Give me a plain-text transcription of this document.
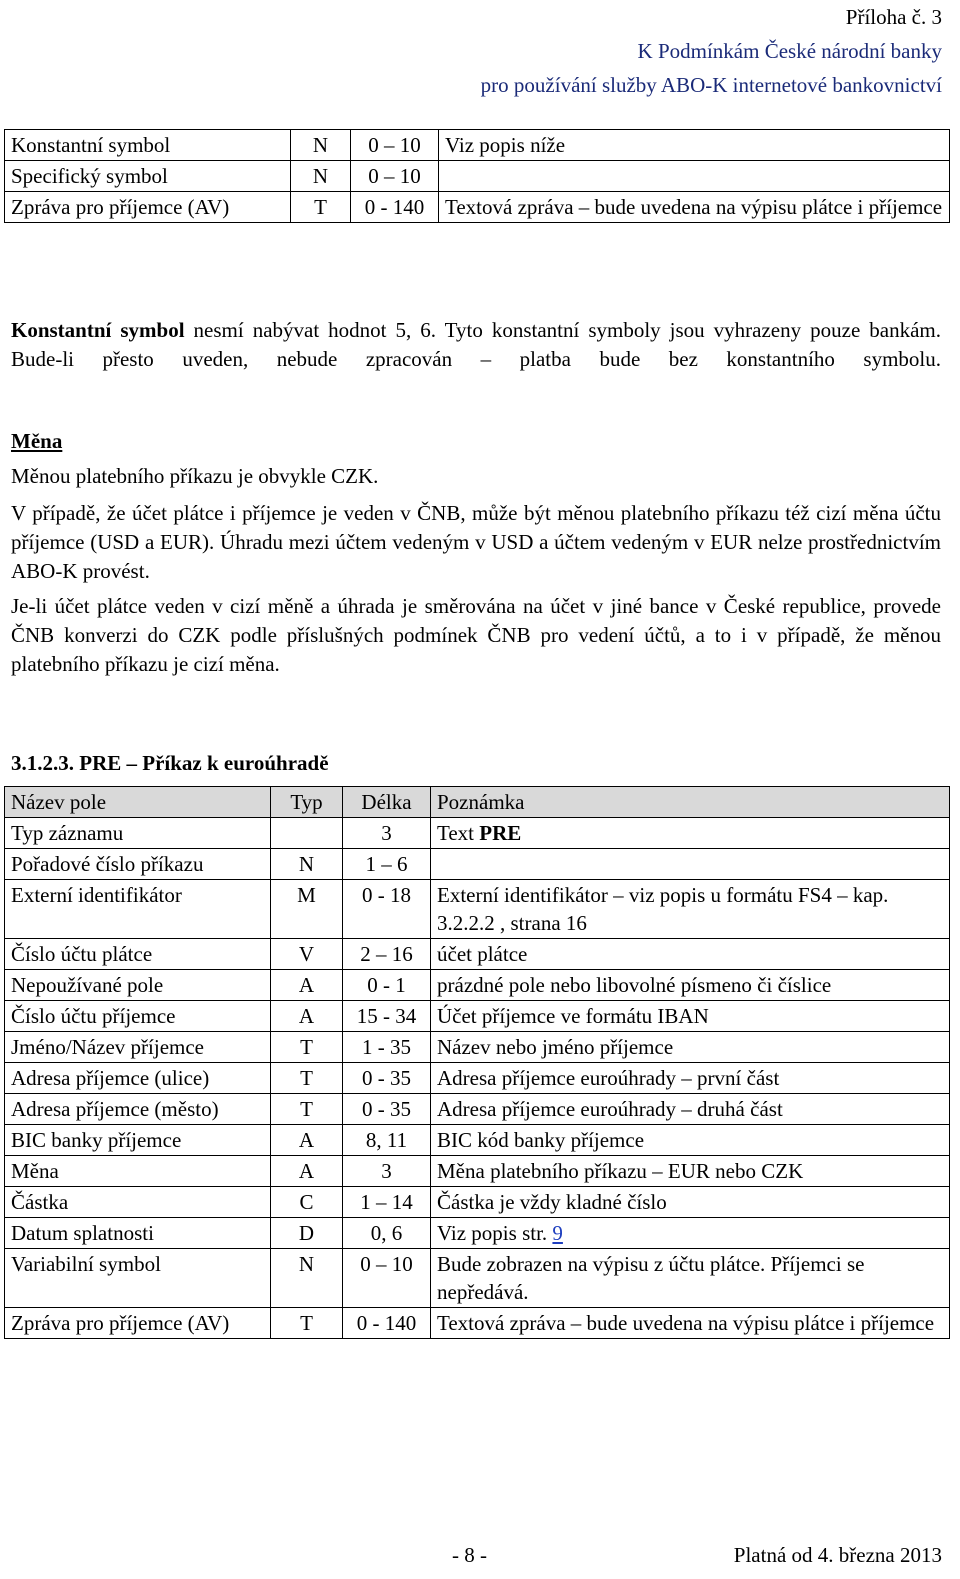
Příloha č. 3
K Podmínkám České národní banky
pro používání služby ABO-K internetové bankovnictví
Konstantní symbol	N	0 – 10	Viz popis níže
Specifický symbol	N	0 – 10	
Zpráva pro příjemce (AV)	T	0 - 140	Textová zpráva – bude uvedena na výpisu plátce i příjemce

Konstantní symbol nesmí nabývat hodnot 5, 6. Tyto konstantní symboly jsou vyhrazeny pouze bankám. Bude-li přesto uveden, nebude zpracován – platba bude bez konstantního symbolu.

Měna

Měnou platebního příkazu je obvykle CZK.

V případě, že účet plátce i příjemce je veden v ČNB, může být měnou platebního příkazu též cizí měna účtu příjemce (USD a EUR). Úhradu mezi účtem vedeným v USD a účtem vedeným v EUR nelze prostřednictvím ABO-K provést.

Je-li účet plátce veden v cizí měně a úhrada je směrována na účet v jiné bance v České republice, provede ČNB konverzi do CZK podle příslušných podmínek ČNB pro vedení účtů, a to i v případě, že měnou platebního příkazu je cizí měna.

3.1.2.3. PRE – Příkaz k euroúhradě
Název pole	Typ	Délka	Poznámka
Typ záznamu		3	Text PRE
Pořadové číslo příkazu	N	1 – 6	
Externí identifikátor	M	0 - 18	Externí identifikátor – viz popis u formátu FS4 – kap. 3.2.2.2 , strana 16
Číslo účtu plátce	V	2 – 16	účet plátce
Nepoužívané pole	A	0 - 1	prázdné pole nebo libovolné písmeno či číslice
Číslo účtu příjemce	A	15 - 34	Účet příjemce ve formátu IBAN
Jméno/Název příjemce	T	1 - 35	Název nebo jméno příjemce
Adresa příjemce (ulice)	T	0 - 35	Adresa příjemce euroúhrady – první část
Adresa příjemce (město)	T	0 - 35	Adresa příjemce euroúhrady – druhá část
BIC banky příjemce	A	8, 11	BIC kód banky příjemce
Měna	A	3	Měna platebního příkazu – EUR nebo CZK
Částka	C	1 – 14	Částka je vždy kladné číslo
Datum splatnosti	D	0, 6	Viz popis str. 9
Variabilní symbol	N	0 – 10	Bude zobrazen na výpisu z účtu plátce. Příjemci se nepředává.
Zpráva pro příjemce (AV)	T	0 - 140	Textová zpráva – bude uvedena na výpisu plátce i příjemce
- 8 -	Platná od 4. března 2013
